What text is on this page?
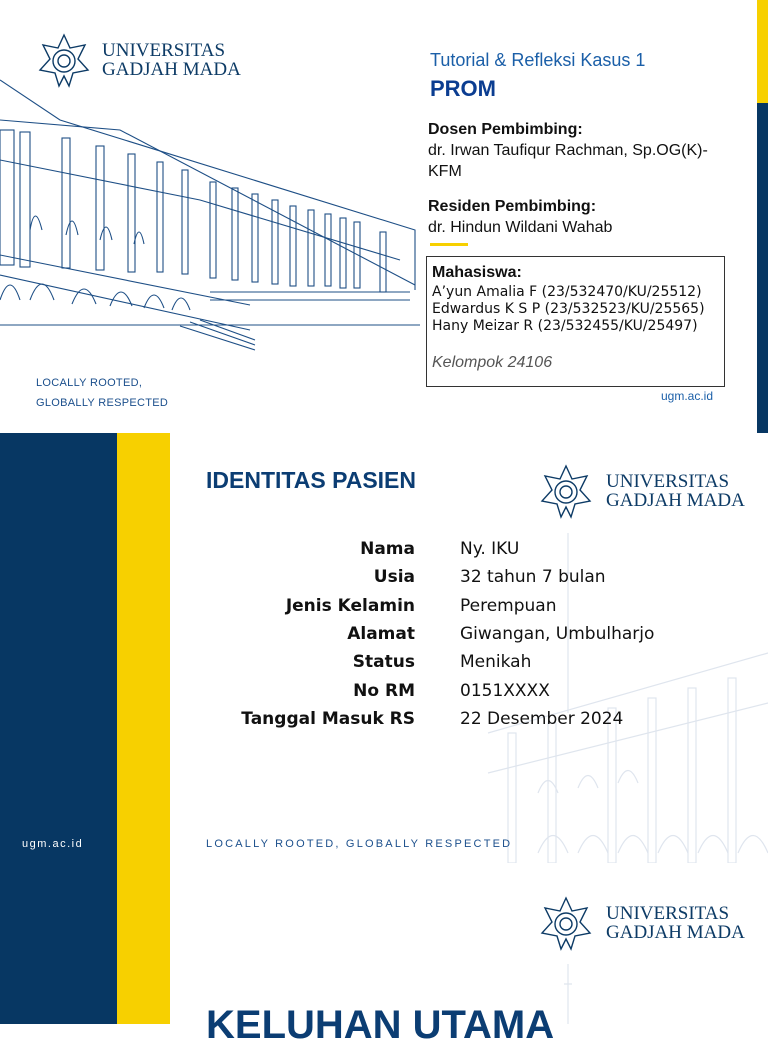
UNIVERSITAS
GADJAH MADA	Tutorial & Refleksi Kasus 1
PROM
Dosen Pembimbing:
dr. Irwan Taufiqur Rachman, Sp.OG(K)-
KFM
Residen Pembimbing:
dr. Hindun Wildani Wahab
Mahasiswa:
A’yun Amalia F (23/532470/KU/25512)
Edwardus K S P (23/532523/KU/25565)
Hany Meizar R (23/532455/KU/25497)
Kelompok 24106
LOCALLY ROOTED,
GLOBALLY RESPECTED	ugm.ac.id
IDENTITAS PASIEN	UNIVERSITAS
GADJAH MADA
Nama	Ny. IKU
Usia	32 tahun 7 bulan
Jenis Kelamin	Perempuan
Alamat	Giwangan, Umbulharjo
Status	Menikah
No RM	0151XXXX
Tanggal Masuk RS	22 Desember 2024
ugm.ac.id	LOCALLY ROOTED, GLOBALLY RESPECTED
UNIVERSITAS
GADJAH MADA
KELUHAN UTAMA
